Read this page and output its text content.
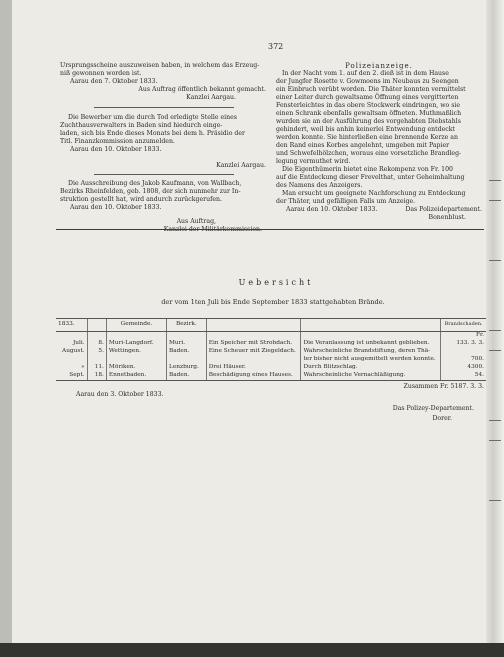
372
Ursprungsscheine auszuweisen haben, in welchem das Erzeug-
niß gewonnen worden ist.
Aarau den 7. Oktober 1833.
Aus Auftrag öffentlich bekannt gemacht.
Kanzlei Aargau.
Die Bewerber um die durch Tod erledigte Stelle eines
Zuchthausverwalters in Baden sind hiedurch einge-
laden, sich bis Ende dieses Monats bei dem h. Präsidio der
Titl. Finanzkommission anzumelden.
Aarau den 10. Oktober 1833.
Kanzlei Aargau.
Die Ausschreibung des Jakob Kaufmann, von Wallbach,
Bezirks Rheinfelden, geb. 1808, der sich nunmehr zur In-
struktion gestellt hat, wird andurch zurückgerufen.
Aarau den 10. Oktober 1833.
Aus Auftrag,
Polizeianzeige.
In der Nacht vom 1. auf den 2. dieß ist in dem Hause
der Jungfer Rosette v. Gowmoens im Neubaus zu Seengen
ein Einbruch verübt worden. Die Thäter konnten vermittelst
einer Leiter durch gewaltsame Öffnung eines vergitterten
Fensterleichtes in das obere Stockwerk eindringen, wo sie
einen Schrank ebenfalls gewaltsam öffneten. Muthmaßlich
wurden sie an der Ausführung des vorgehabten Diebstahls
gehindert, weil bis anhin keinerlei Entwendung entdeckt
werden konnte. Sie hinterließen eine brennende Kerze an
den Rand eines Korbes angelehnt, umgeben mit Papier
und Schwefelhölzchen, woraus eine vorsetzliche Brandleg-
legung vermuthet wird.
Die Eigenthümerin bietet eine Rekompenz von Fr. 100
auf die Entdeckung dieser Frevelthat, unter Geheimhaltung
des Namens des Anzeigers.
Man ersucht um geeignete Nachforschung zu Entdeckung
der Thäter, und gefälligen Falls um Anzeige.
Aarau den 10. Oktober 1833.	Das Polizeidepartement.
Bonenblust.
Uebersicht
der vom 1ten Juli bis Ende September 1833 stattgehabten Brände.
1833.		Gemeinde.	Bezirk.			Brandschaden.
						Fr.
Juli.	8.	Muri-Langdorf.	Muri.	Ein Speicher mit Strohdach.	Die Veranlassung ist unbekannt geblieben.	133. 3. 3.
August.	5.	Wettingen.	Baden.	Eine Scheuer mit Ziegeldach.	Wahrscheinliche Brandstiftung, deren Thä-	
					ter bisher nicht ausgemittelt werden konnte.	700.
»	11.	Möriken.	Lenzburg.	Drei Häuser.	Durch Blitzschlag.	4300.
Sept.	18.	Ennetbaden.	Baden.	Beschädigung eines Hauses.	Wahrscheinliche Vernachläßigung.	54.
Zusammen Fr. 5187. 3. 3.
Aarau den 3. Oktober 1833.
Das Polizey-Departement.
Dorer.
